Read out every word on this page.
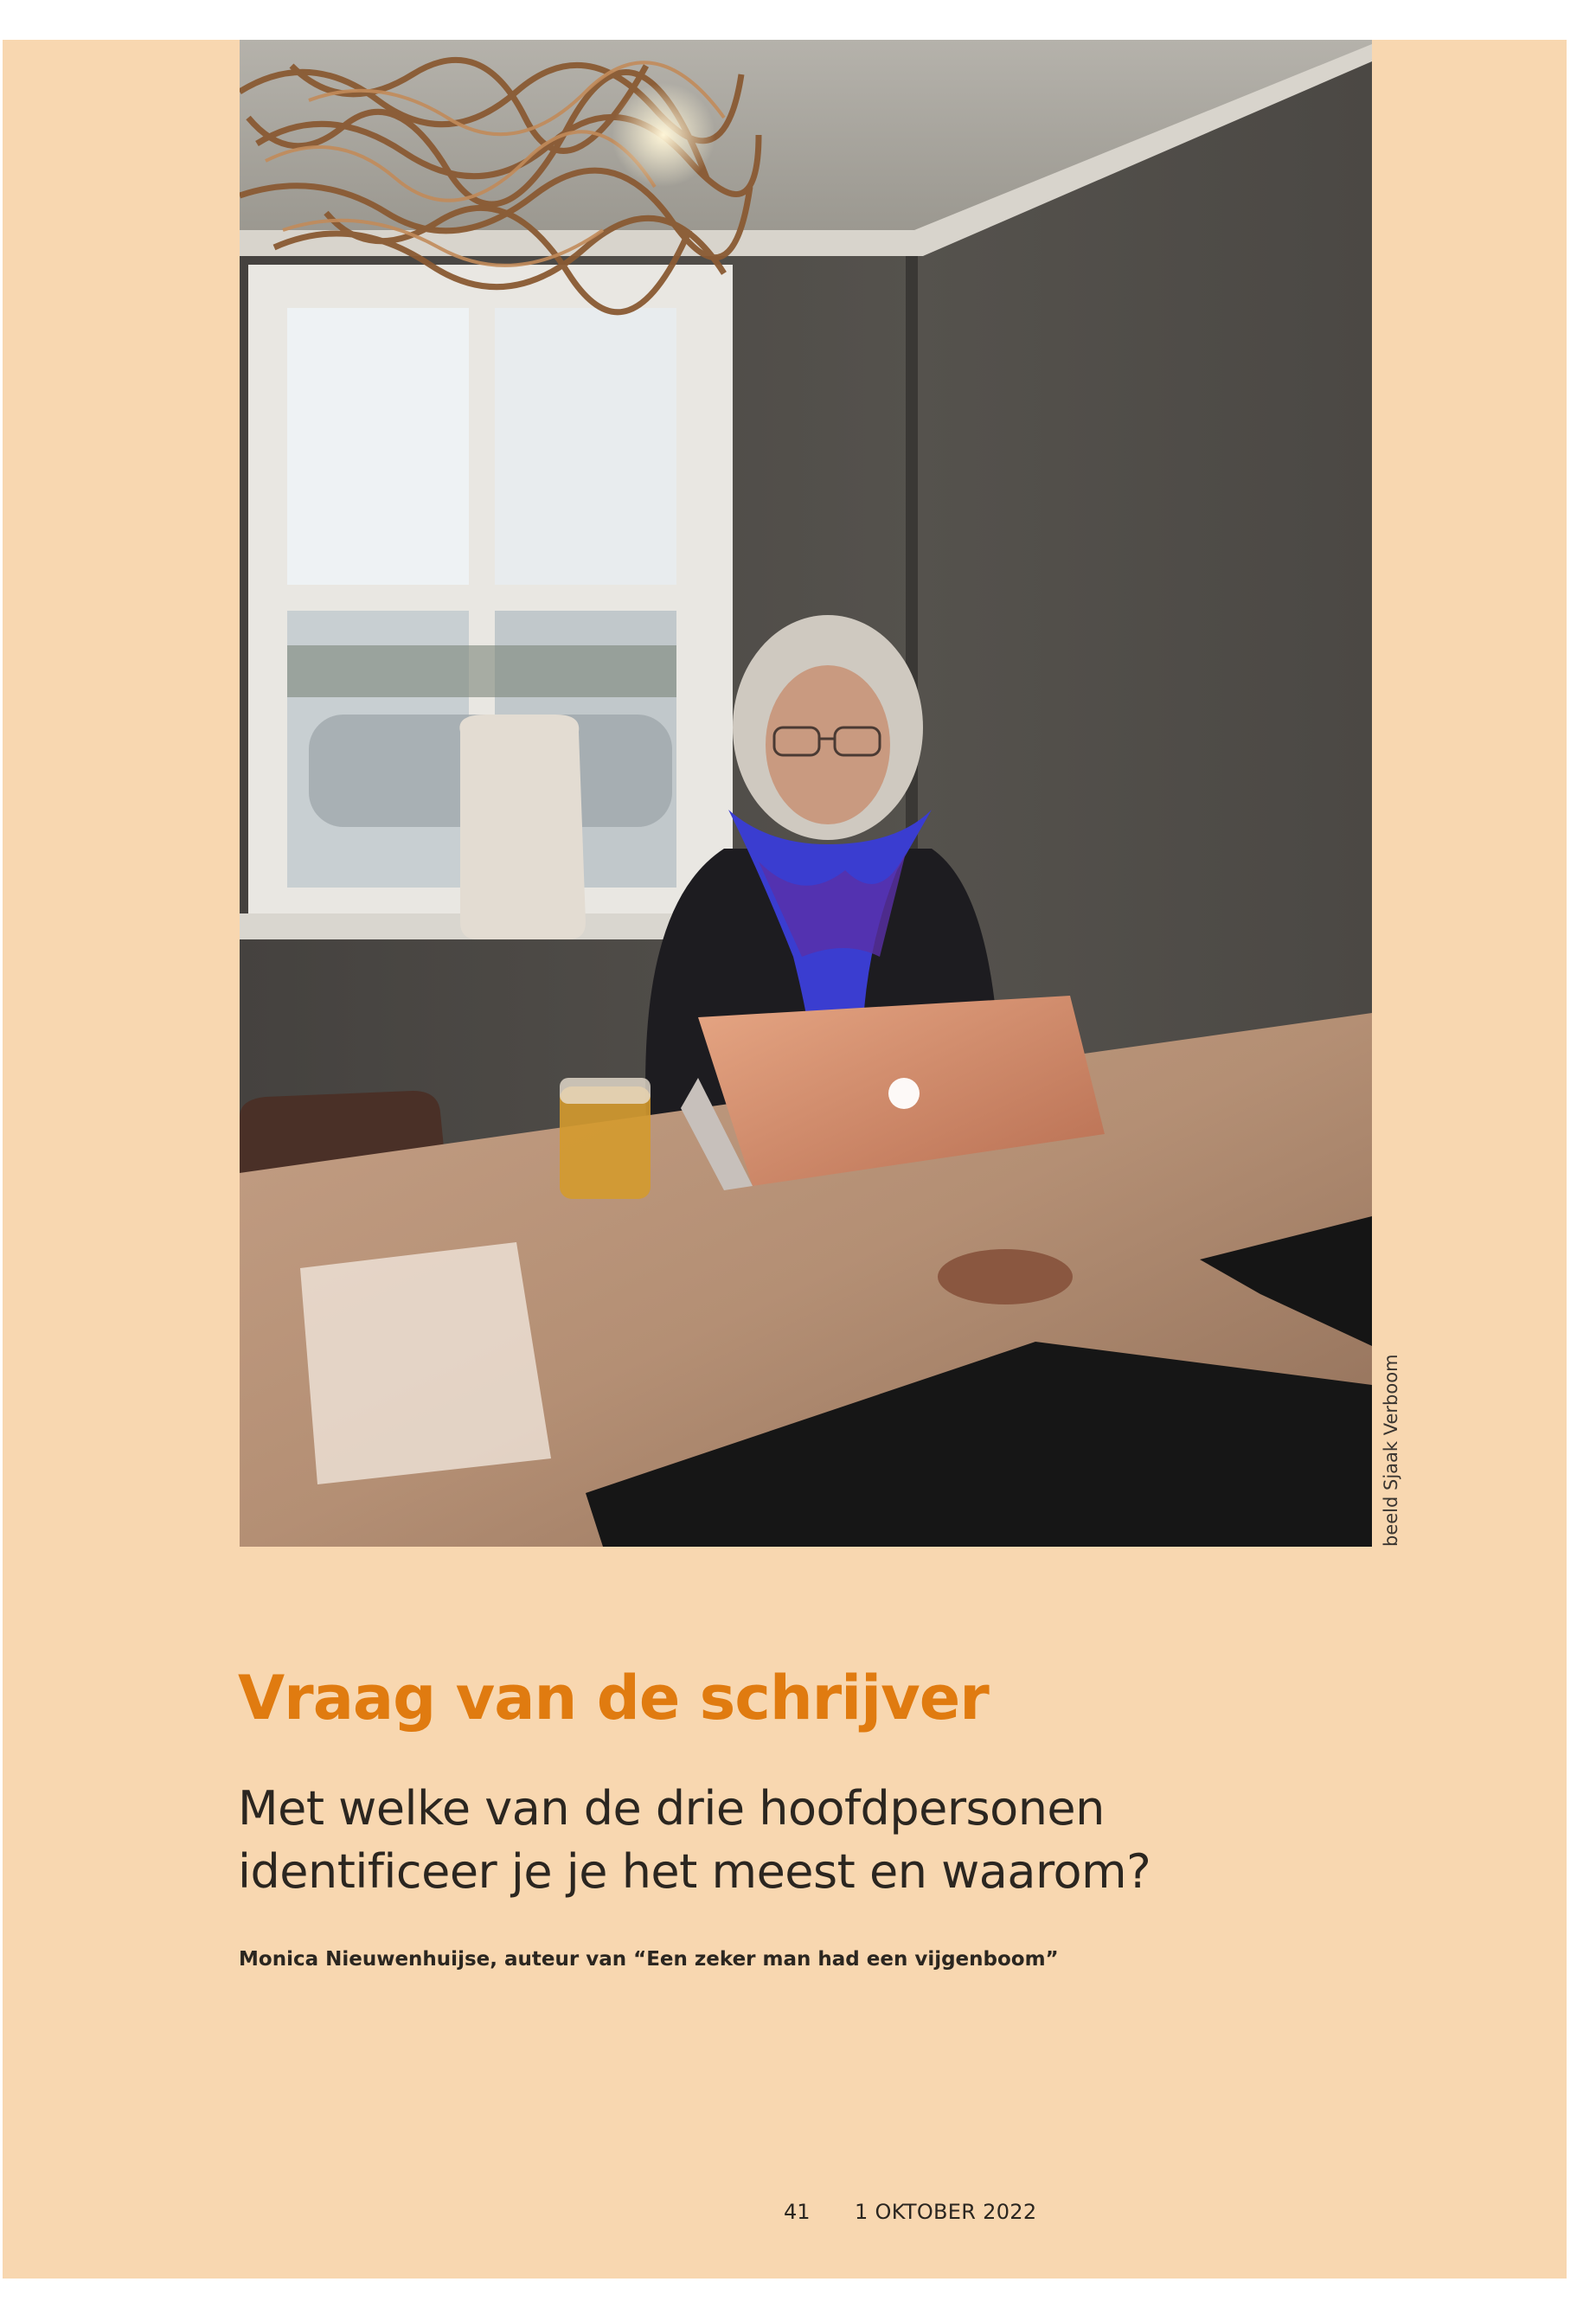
beeld Sjaak Verboom
Vraag van de schrijver
Met welke van de drie hoofdpersonen identificeer je je het meest en waarom?

Monica Nieuwenhuijse, auteur van “Een zeker man had een vijgenboom”

41 1 OKTOBER 2022
